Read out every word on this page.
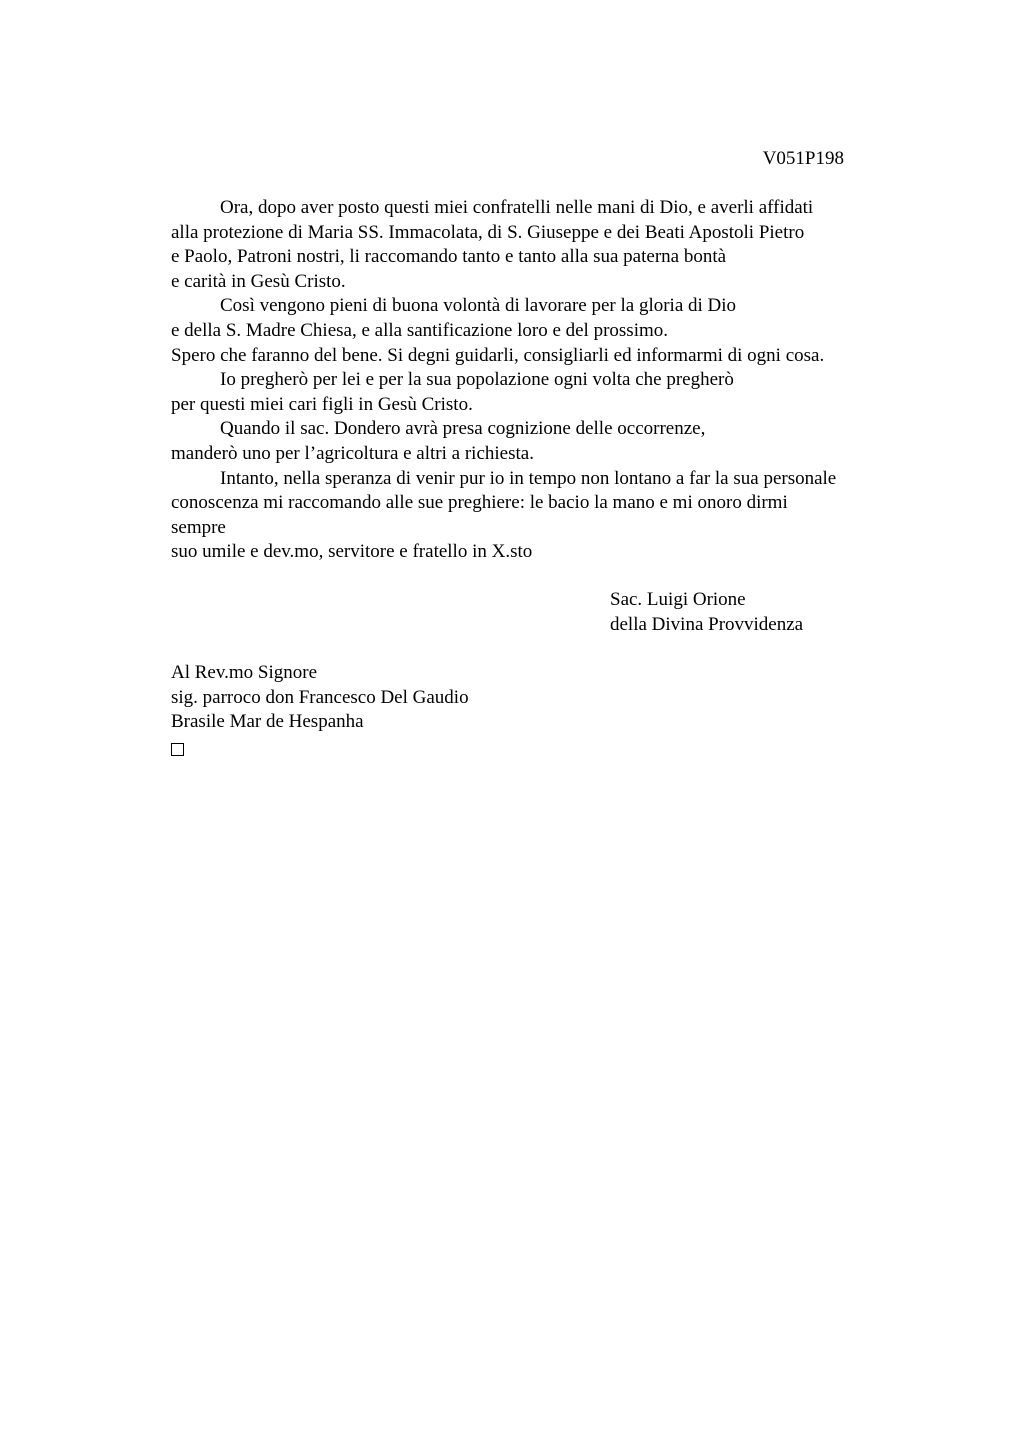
V051P198
Ora, dopo aver posto questi miei confratelli nelle mani di Dio, e averli affidati
alla protezione di Maria SS. Immacolata, di S. Giuseppe e dei Beati Apostoli Pietro
e Paolo, Patroni nostri, li raccomando tanto e tanto alla sua paterna bontà
e carità in Gesù Cristo.
Così vengono pieni di buona volontà di lavorare per la gloria di Dio
e della S. Madre Chiesa, e alla santificazione loro e del prossimo.
Spero che faranno del bene. Si degni guidarli, consigliarli ed informarmi di ogni cosa.
Io pregherò per lei e per la sua popolazione ogni volta che pregherò
per questi miei cari figli in Gesù Cristo.
Quando il sac. Dondero avrà presa cognizione delle occorrenze,
manderò uno per l’agricoltura e altri a richiesta.
Intanto, nella speranza di venir pur io in tempo non lontano a far la sua personale
conoscenza mi raccomando alle sue preghiere: le bacio la mano e mi onoro dirmi
sempre
suo umile e dev.mo, servitore e fratello in X.sto
Sac. Luigi Orione
della Divina Provvidenza
Al Rev.mo Signore
sig. parroco don Francesco Del Gaudio
Brasile Mar de Hespanha
